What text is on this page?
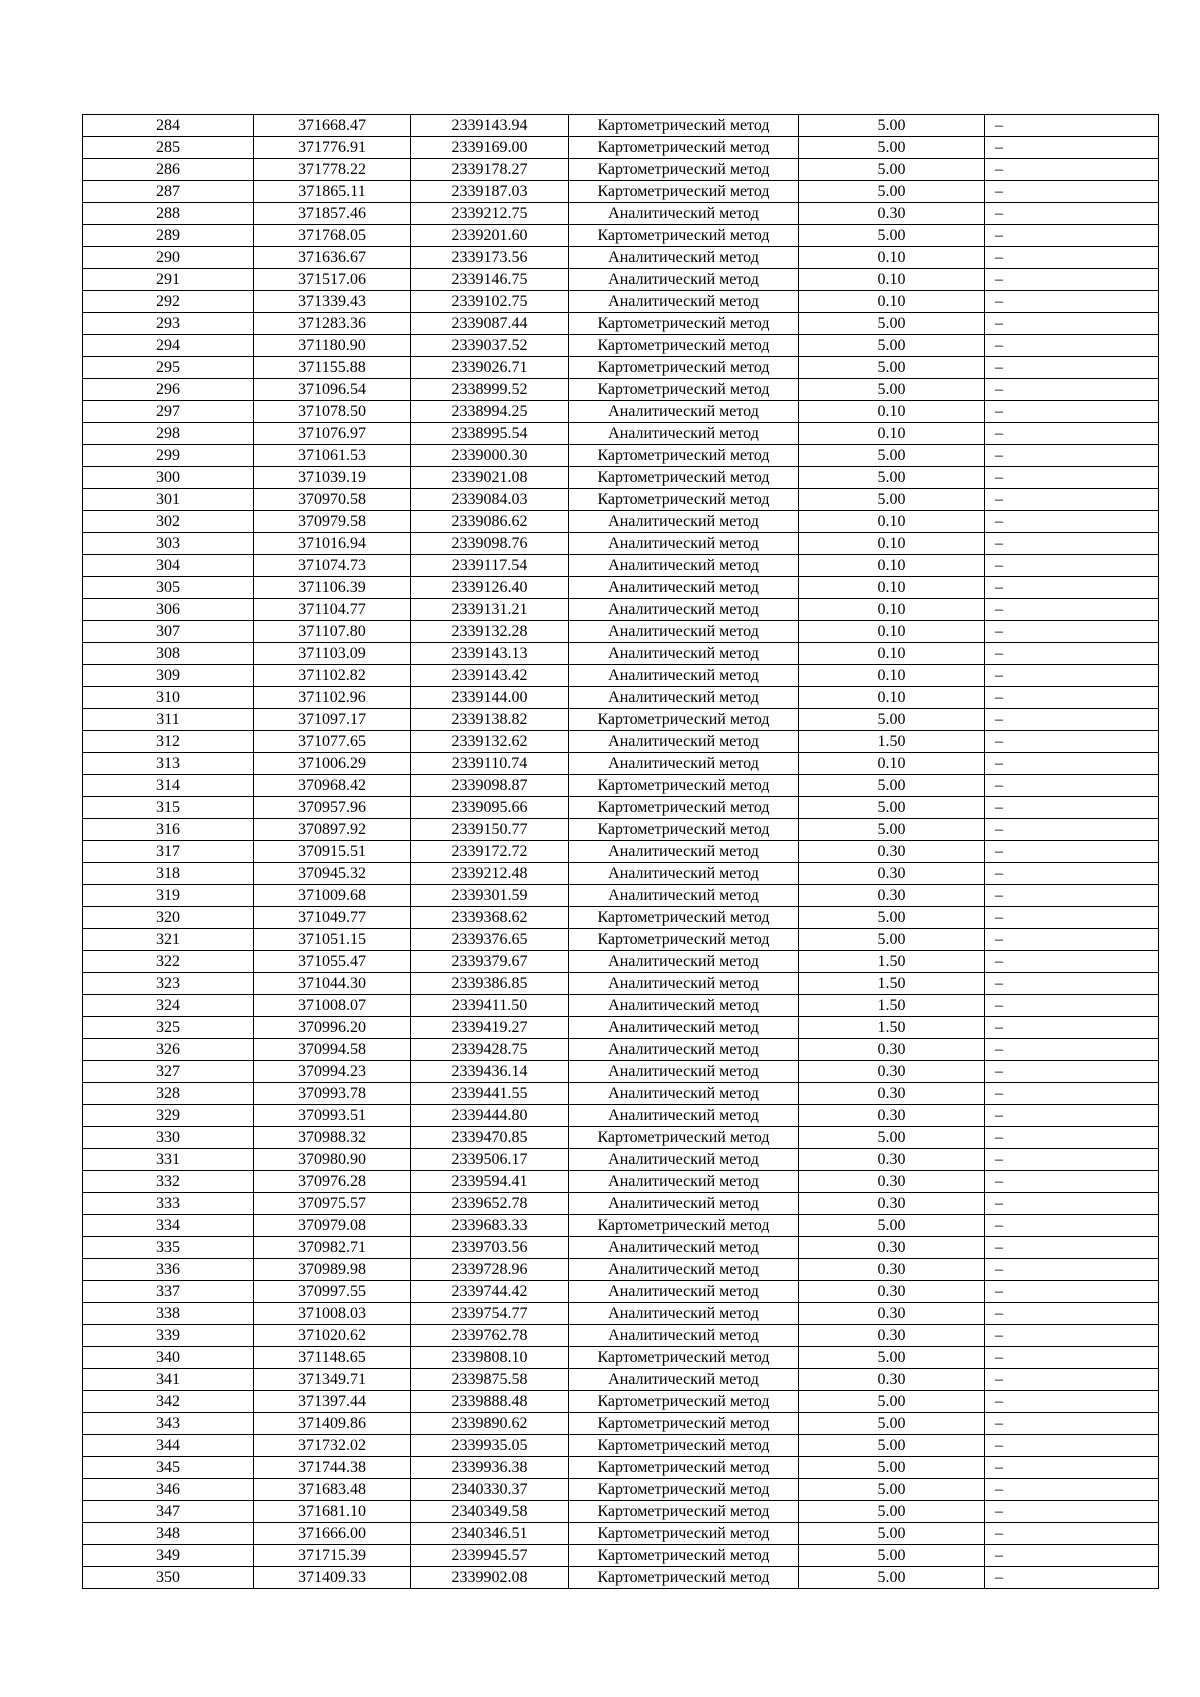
284	371668.47	2339143.94	Картометрический метод	5.00	–
285	371776.91	2339169.00	Картометрический метод	5.00	–
286	371778.22	2339178.27	Картометрический метод	5.00	–
287	371865.11	2339187.03	Картометрический метод	5.00	–
288	371857.46	2339212.75	Аналитический метод	0.30	–
289	371768.05	2339201.60	Картометрический метод	5.00	–
290	371636.67	2339173.56	Аналитический метод	0.10	–
291	371517.06	2339146.75	Аналитический метод	0.10	–
292	371339.43	2339102.75	Аналитический метод	0.10	–
293	371283.36	2339087.44	Картометрический метод	5.00	–
294	371180.90	2339037.52	Картометрический метод	5.00	–
295	371155.88	2339026.71	Картометрический метод	5.00	–
296	371096.54	2338999.52	Картометрический метод	5.00	–
297	371078.50	2338994.25	Аналитический метод	0.10	–
298	371076.97	2338995.54	Аналитический метод	0.10	–
299	371061.53	2339000.30	Картометрический метод	5.00	–
300	371039.19	2339021.08	Картометрический метод	5.00	–
301	370970.58	2339084.03	Картометрический метод	5.00	–
302	370979.58	2339086.62	Аналитический метод	0.10	–
303	371016.94	2339098.76	Аналитический метод	0.10	–
304	371074.73	2339117.54	Аналитический метод	0.10	–
305	371106.39	2339126.40	Аналитический метод	0.10	–
306	371104.77	2339131.21	Аналитический метод	0.10	–
307	371107.80	2339132.28	Аналитический метод	0.10	–
308	371103.09	2339143.13	Аналитический метод	0.10	–
309	371102.82	2339143.42	Аналитический метод	0.10	–
310	371102.96	2339144.00	Аналитический метод	0.10	–
311	371097.17	2339138.82	Картометрический метод	5.00	–
312	371077.65	2339132.62	Аналитический метод	1.50	–
313	371006.29	2339110.74	Аналитический метод	0.10	–
314	370968.42	2339098.87	Картометрический метод	5.00	–
315	370957.96	2339095.66	Картометрический метод	5.00	–
316	370897.92	2339150.77	Картометрический метод	5.00	–
317	370915.51	2339172.72	Аналитический метод	0.30	–
318	370945.32	2339212.48	Аналитический метод	0.30	–
319	371009.68	2339301.59	Аналитический метод	0.30	–
320	371049.77	2339368.62	Картометрический метод	5.00	–
321	371051.15	2339376.65	Картометрический метод	5.00	–
322	371055.47	2339379.67	Аналитический метод	1.50	–
323	371044.30	2339386.85	Аналитический метод	1.50	–
324	371008.07	2339411.50	Аналитический метод	1.50	–
325	370996.20	2339419.27	Аналитический метод	1.50	–
326	370994.58	2339428.75	Аналитический метод	0.30	–
327	370994.23	2339436.14	Аналитический метод	0.30	–
328	370993.78	2339441.55	Аналитический метод	0.30	–
329	370993.51	2339444.80	Аналитический метод	0.30	–
330	370988.32	2339470.85	Картометрический метод	5.00	–
331	370980.90	2339506.17	Аналитический метод	0.30	–
332	370976.28	2339594.41	Аналитический метод	0.30	–
333	370975.57	2339652.78	Аналитический метод	0.30	–
334	370979.08	2339683.33	Картометрический метод	5.00	–
335	370982.71	2339703.56	Аналитический метод	0.30	–
336	370989.98	2339728.96	Аналитический метод	0.30	–
337	370997.55	2339744.42	Аналитический метод	0.30	–
338	371008.03	2339754.77	Аналитический метод	0.30	–
339	371020.62	2339762.78	Аналитический метод	0.30	–
340	371148.65	2339808.10	Картометрический метод	5.00	–
341	371349.71	2339875.58	Аналитический метод	0.30	–
342	371397.44	2339888.48	Картометрический метод	5.00	–
343	371409.86	2339890.62	Картометрический метод	5.00	–
344	371732.02	2339935.05	Картометрический метод	5.00	–
345	371744.38	2339936.38	Картометрический метод	5.00	–
346	371683.48	2340330.37	Картометрический метод	5.00	–
347	371681.10	2340349.58	Картометрический метод	5.00	–
348	371666.00	2340346.51	Картометрический метод	5.00	–
349	371715.39	2339945.57	Картометрический метод	5.00	–
350	371409.33	2339902.08	Картометрический метод	5.00	–
